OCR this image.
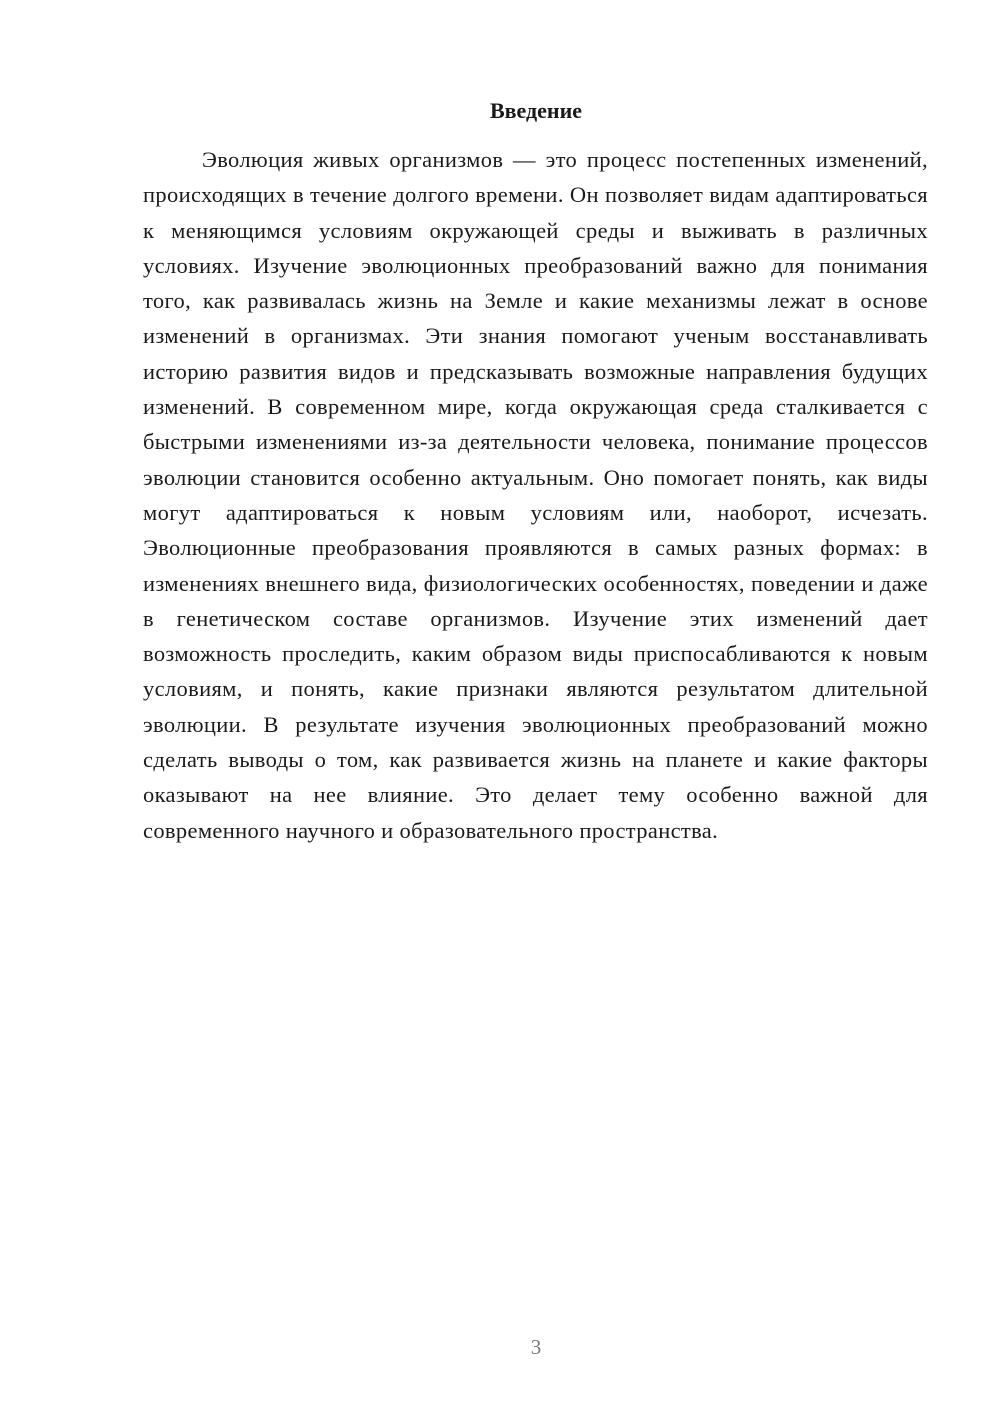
Введение

Эволюция живых организмов — это процесс постепенных изменений, происходящих в течение долгого времени. Он позволяет видам адаптироваться к меняющимся условиям окружающей среды и выживать в различных условиях. Изучение эволюционных преобразований важно для понимания того, как развивалась жизнь на Земле и какие механизмы лежат в основе изменений в организмах. Эти знания помогают ученым восстанавливать историю развития видов и предсказывать возможные направления будущих изменений. В современном мире, когда окружающая среда сталкивается с быстрыми изменениями из-за деятельности человека, понимание процессов эволюции становится особенно актуальным. Оно помогает понять, как виды могут адаптироваться к новым условиям или, наоборот, исчезать. Эволюционные преобразования проявляются в самых разных формах: в изменениях внешнего вида, физиологических особенностях, поведении и даже в генетическом составе организмов. Изучение этих изменений дает возможность проследить, каким образом виды приспосабливаются к новым условиям, и понять, какие признаки являются результатом длительной эволюции. В результате изучения эволюционных преобразований можно сделать выводы о том, как развивается жизнь на планете и какие факторы оказывают на нее влияние. Это делает тему особенно важной для современного научного и образовательного пространства.

3
